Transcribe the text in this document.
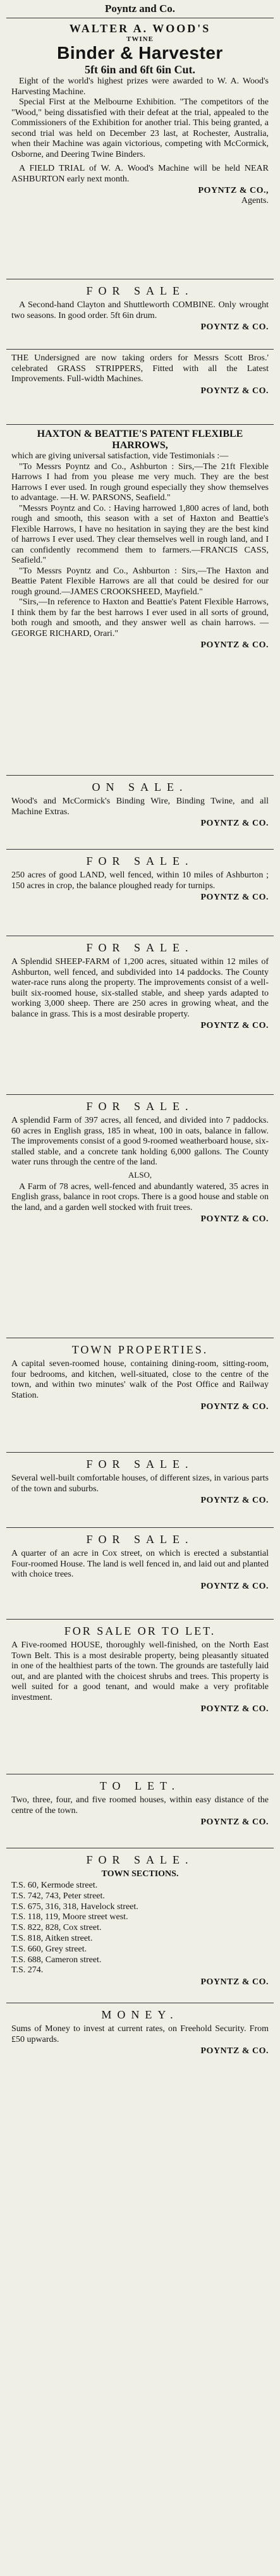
Poyntz and Co.
WALTER A. WOOD'S
TWINE
Binder & Harvester
5ft 6in and 6ft 6in Cut.

Eight of the world's highest prizes were awarded to W. A. Wood's Harvesting Machine.

Special First at the Melbourne Exhibition. "The competitors of the "Wood," being dissatisfied with their defeat at the trial, appealed to the Commissioners of the Exhibition for another trial. This being granted, a second trial was held on December 23 last, at Rochester, Australia, when their Machine was again victorious, competing with McCormick, Osborne, and Deering Twine Binders.

A FIELD TRIAL of W. A. Wood's Machine will be held NEAR ASHBURTON early next month.

POYNTZ & CO.,
Agents.
FOR SALE.

A Second-hand Clayton and Shuttleworth COMBINE. Only wrought two seasons. In good order. 5ft 6in drum.

POYNTZ & CO.

THE Undersigned are now taking orders for Messrs Scott Bros.' celebrated GRASS STRIPPERS, Fitted with all the Latest Improvements. Full-width Machines.

POYNTZ & CO.
HAXTON & BEATTIE'S PATENT FLEXIBLE HARROWS,

which are giving universal satisfaction, vide Testimonials :—

"To Messrs Poyntz and Co., Ashburton : Sirs,—The 21ft Flexible Harrows I had from you please me very much. They are the best Harrows I ever used. In rough ground especially they show themselves to advantage. —H. W. PARSONS, Seafield."

"Messrs Poyntz and Co. : Having harrowed 1,800 acres of land, both rough and smooth, this season with a set of Haxton and Beattie's Flexible Harrows, I have no hesitation in saying they are the best kind of harrows I ever used. They clear themselves well in rough land, and I can confidently recommend them to farmers.—FRANCIS CASS, Seafield."

"To Messrs Poyntz and Co., Ashburton : Sirs,—The Haxton and Beattie Patent Flexible Harrows are all that could be desired for our rough ground.—JAMES CROOKSHEED, Mayfield."

"Sirs,—In reference to Haxton and Beattie's Patent Flexible Harrows, I think them by far the best harrows I ever used in all sorts of ground, both rough and smooth, and they answer well as chain harrows. —GEORGE RICHARD, Orari."

POYNTZ & CO.
ON SALE.

Wood's and McCormick's Binding Wire, Binding Twine, and all Machine Extras.

POYNTZ & CO.
FOR SALE.

250 acres of good LAND, well fenced, within 10 miles of Ashburton ; 150 acres in crop, the balance ploughed ready for turnips.

POYNTZ & CO.
FOR SALE.

A Splendid SHEEP-FARM of 1,200 acres, situated within 12 miles of Ashburton, well fenced, and subdivided into 14 paddocks. The County water-race runs along the property. The improvements consist of a well-built six-roomed house, six-stalled stable, and sheep yards adapted to working 3,000 sheep. There are 250 acres in growing wheat, and the balance in grass. This is a most desirable property.

POYNTZ & CO.
FOR SALE.

A splendid Farm of 397 acres, all fenced, and divided into 7 paddocks. 60 acres in English grass, 185 in wheat, 100 in oats, balance in fallow. The improvements consist of a good 9-roomed weatherboard house, six-stalled stable, and a concrete tank holding 6,000 gallons. The County water runs through the centre of the land.

ALSO,

A Farm of 78 acres, well-fenced and abundantly watered, 35 acres in English grass, balance in root crops. There is a good house and stable on the land, and a garden well stocked with fruit trees.

POYNTZ & CO.
TOWN PROPERTIES.

A capital seven-roomed house, containing dining-room, sitting-room, four bedrooms, and kitchen, well-situated, close to the centre of the town, and within two minutes' walk of the Post Office and Railway Station.

POYNTZ & CO.
FOR SALE.

Several well-built comfortable houses, of different sizes, in various parts of the town and suburbs.

POYNTZ & CO.
FOR SALE.

A quarter of an acre in Cox street, on which is erected a substantial Four-roomed House. The land is well fenced in, and laid out and planted with choice trees.

POYNTZ & CO.
FOR SALE OR TO LET.

A Five-roomed HOUSE, thoroughly well-finished, on the North East Town Belt. This is a most desirable property, being pleasantly situated in one of the healthiest parts of the town. The grounds are tastefully laid out, and are planted with the choicest shrubs and trees. This property is well suited for a good tenant, and would make a very profitable investment.

POYNTZ & CO.
TO LET.

Two, three, four, and five roomed houses, within easy distance of the centre of the town.

POYNTZ & CO.
FOR SALE.
TOWN SECTIONS.
T.S. 60, Kermode street.
T.S. 742, 743, Peter street.
T.S. 675, 316, 318, Havelock street.
T.S. 118, 119, Moore street west.
T.S. 822, 828, Cox street.
T.S. 818, Aitken street.
T.S. 660, Grey street.
T.S. 688, Cameron street.
T.S. 274.
POYNTZ & CO.
MONEY.

Sums of Money to invest at current rates, on Freehold Security. From £50 upwards.

POYNTZ & CO.
